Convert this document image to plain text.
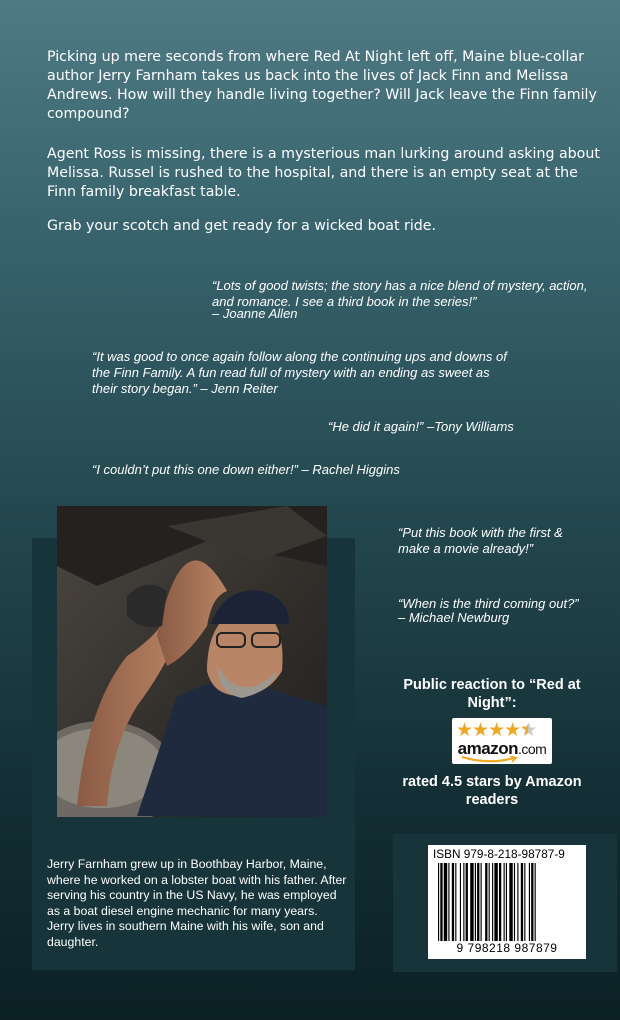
Picking up mere seconds from where Red At Night left off, Maine blue-collar author Jerry Farnham takes us back into the lives of Jack Finn and Melissa Andrews. How will they handle living together? Will Jack leave the Finn family compound?

Agent Ross is missing, there is a mysterious man lurking around asking about Melissa. Russel is rushed to the hospital, and there is an empty seat at the Finn family breakfast table.

Grab your scotch and get ready for a wicked boat ride.

“Lots of good twists; the story has a nice blend of mystery, action, and romance. I see a third book in the series!”

– Joanne Allen

“It was good to once again follow along the continuing ups and downs of the Finn Family. A fun read full of mystery with an ending as sweet as their story began.” – Jenn Reiter

“He did it again!” –Tony Williams

“I couldn’t put this one down either!” – Rachel Higgins

“Put this book with the first & make a movie already!”

“When is the third coming out?”

– Michael Newburg

Jerry Farnham grew up in Boothbay Harbor, Maine, where he worked on a lobster boat with his father. After serving his country in the US Navy, he was employed as a boat diesel engine mechanic for many years. Jerry lives in southern Maine with his wife, son and daughter.

Public reaction to “Red at Night”:

★★★★★ ★
amazon.com

rated 4.5 stars by Amazon readers

ISBN 979-8-218-98787-9

9 798218 987879
